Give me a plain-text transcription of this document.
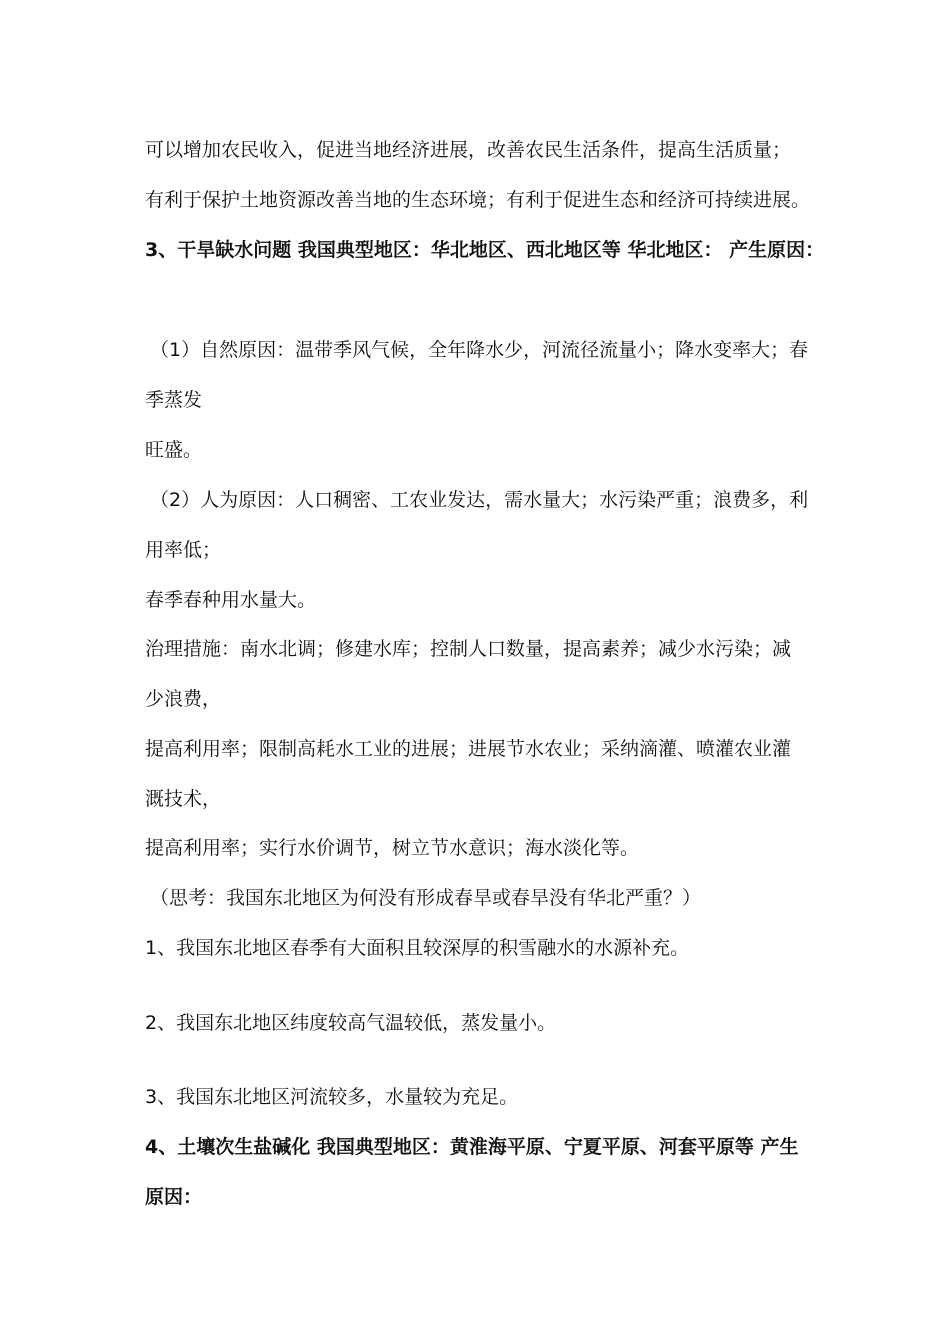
可以增加农民收入，促进当地经济进展，改善农民生活条件，提高生活质量；

有利于保护土地资源改善当地的生态环境；有利于促进生态和经济可持续进展。

3、干旱缺水问题 我国典型地区：华北地区、西北地区等 华北地区： 产生原因：

（1）自然原因：温带季风气候，全年降水少，河流径流量小；降水变率大；春

季蒸发

旺盛。

（2）人为原因：人口稠密、工农业发达，需水量大；水污染严重；浪费多，利

用率低；

春季春种用水量大。

治理措施：南水北调；修建水库；控制人口数量，提高素养；减少水污染；减

少浪费，

提高利用率；限制高耗水工业的进展；进展节水农业；采纳滴灌、喷灌农业灌

溉技术，

提高利用率；实行水价调节，树立节水意识；海水淡化等。

（思考：我国东北地区为何没有形成春旱或春旱没有华北严重？）

1、我国东北地区春季有大面积且较深厚的积雪融水的水源补充。

2、我国东北地区纬度较高气温较低，蒸发量小。

3、我国东北地区河流较多，水量较为充足。

4、土壤次生盐碱化 我国典型地区：黄淮海平原、宁夏平原、河套平原等 产生

原因：
